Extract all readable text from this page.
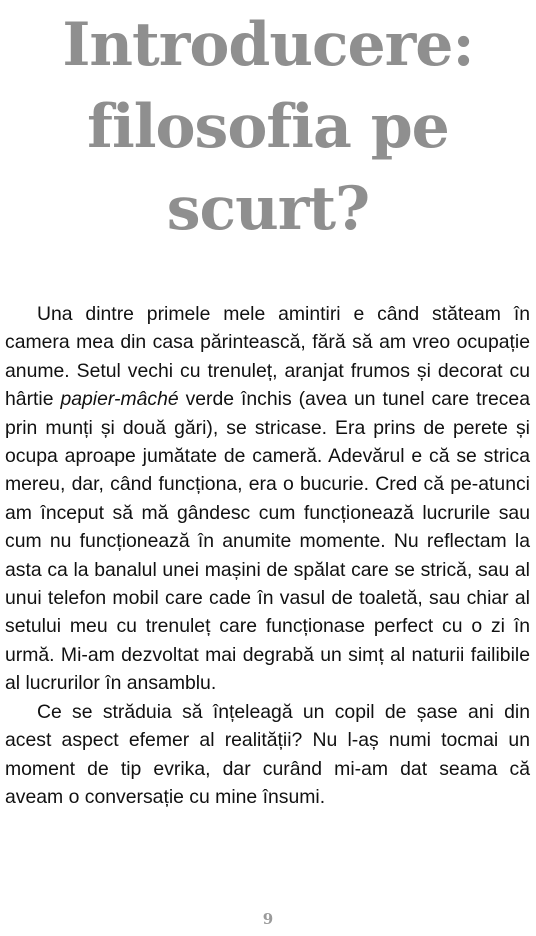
Introducere:
filosofia pe
scurt?

Una dintre primele mele amintiri e când stăteam în camera mea din casa părintească, fără să am vreo ocupație anume. Setul vechi cu trenuleț, aranjat frumos și decorat cu hârtie papier-mâché verde închis (avea un tunel care trecea prin munți și două gări), se stricase. Era prins de perete și ocupa aproape jumătate de cameră. Adevărul e că se strica mereu, dar, când funcționa, era o bucurie. Cred că pe-atunci am început să mă gândesc cum funcționează lucrurile sau cum nu funcționează în anumite momente. Nu reflectam la asta ca la banalul unei mașini de spălat care se strică, sau al unui telefon mobil care cade în vasul de toaletă, sau chiar al setului meu cu trenuleț care funcționase perfect cu o zi în urmă. Mi-am dezvoltat mai degrabă un simț al naturii failibile al lucrurilor în ansamblu.

Ce se străduia să înțeleagă un copil de șase ani din acest aspect efemer al realității? Nu l-aș numi tocmai un moment de tip evrika, dar curând mi-am dat seama că aveam o conversație cu mine însumi.

9
